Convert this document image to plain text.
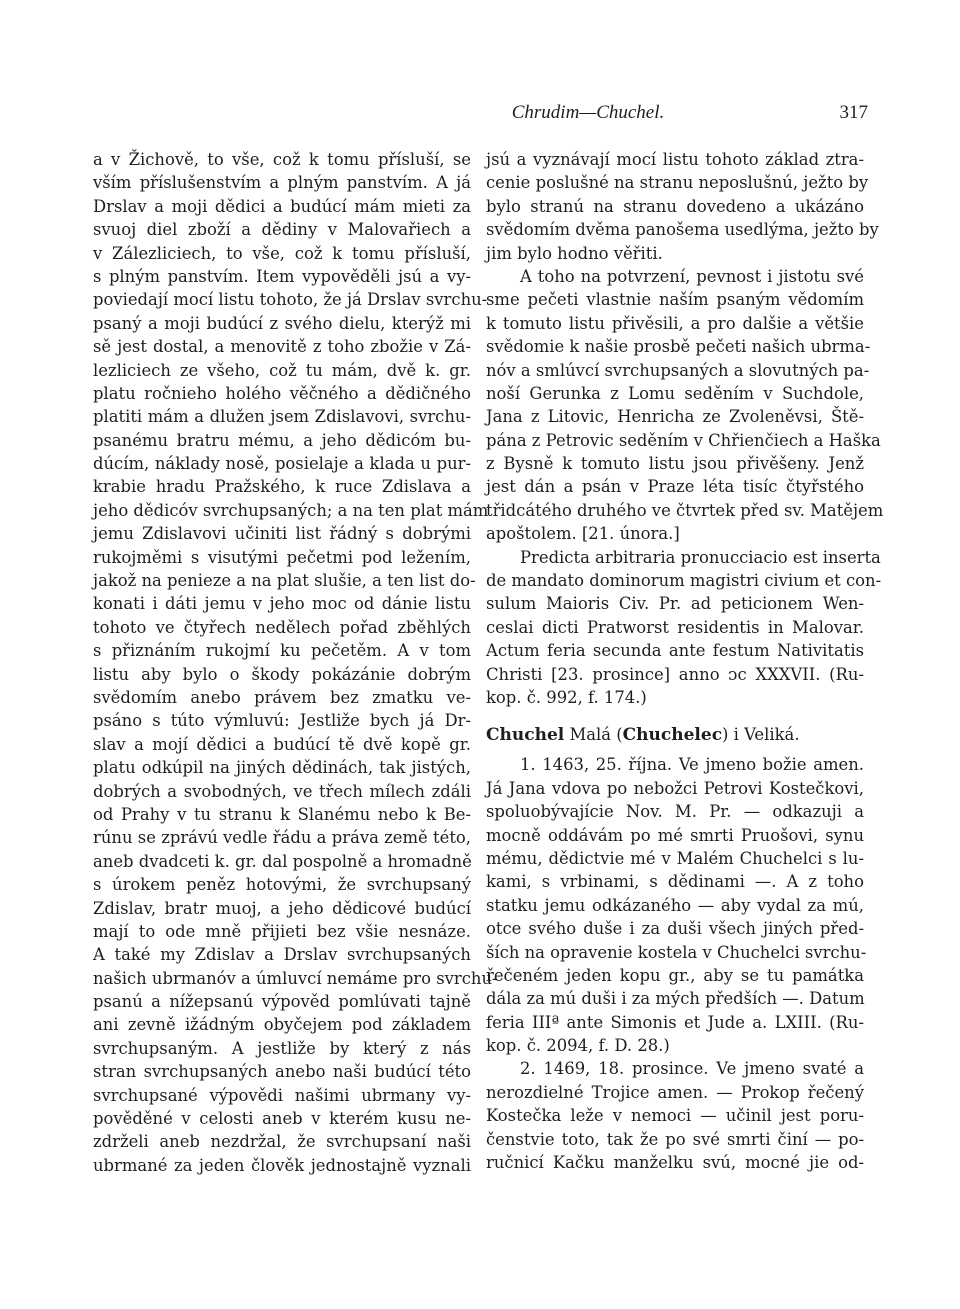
Chrudim—Chuchel.	317
a v Žichově, to vše, což k tomu přísluší, se
vším příslušenstvím a plným panstvím. A já
Drslav a moji dědici a budúcí mám mieti za
svuoj diel zboží a dědiny v Malovařiech a
v Zálezliciech, to vše, což k tomu přísluší,
s plným panstvím. Item vypověděli jsú a vy-
poviedají mocí listu tohoto, že já Drslav svrchu-
psaný a moji budúcí z svého dielu, kterýž mi
sě jest dostal, a menovitě z toho zbožie v Zá-
lezliciech ze všeho, což tu mám, dvě k. gr.
platu ročnieho holého věčného a dědičného
platiti mám a dlužen jsem Zdislavovi, svrchu-
psanému bratru mému, a jeho dědicóm bu-
dúcím, náklady nosě, posielaje a klada u pur-
krabie hradu Pražského, k ruce Zdislava a
jeho dědicóv svrchupsaných; a na ten plat mám
jemu Zdislavovi učiniti list řádný s dobrými
rukojměmi s visutými pečetmi pod ležením,
jakož na penieze a na plat slušie, a ten list do-
konati i dáti jemu v jeho moc od dánie listu
tohoto ve čtyřech nedělech pořad zběhlých
s přiznáním rukojmí ku pečetěm. A v tom
listu aby bylo o škody pokázánie dobrým
svědomím anebo právem bez zmatku ve-
psáno s túto výmluvú: Jestliže bych já Dr-
slav a mojí dědici a budúcí tě dvě kopě gr.
platu odkúpil na jiných dědinách, tak jistých,
dobrých a svobodných, ve třech mílech zdáli
od Prahy v tu stranu k Slanému nebo k Be-
rúnu se zprávú vedle řádu a práva země této,
aneb dvadceti k. gr. dal pospolně a hromadně
s úrokem peněz hotovými, že svrchupsaný
Zdislav, bratr muoj, a jeho dědicové budúcí
mají to ode mně přijieti bez všie nesnáze.
A také my Zdislav a Drslav svrchupsaných
našich ubrmanóv a úmluvcí nemáme pro svrchu-
psanú a nížepsanú výpověd pomlúvati tajně
ani zevně ižádným obyčejem pod základem
svrchupsaným. A jestližе by který z nás
stran svrchupsaných anebo naši budúcí této
svrchupsané výpovědi našimi ubrmany vy-
pověděné v celosti aneb v kterém kusu ne-
zdrželi aneb nezdržal, že svrchupsaní naši
ubrmané za jeden člověk jednostajně vyznali
jsú a vyznávají mocí listu tohoto základ ztra-
cenie poslušné na stranu neposlušnú, ježto by
bylo stranú na stranu dovedeno a ukázáno
svědomím dvěma panošema usedlýma, ježto by
jim bylo hodno věřiti.
A toho na potvrzení, pevnost i jistotu své
sme pečeti vlastnie naším psaným vědomím
k tomuto listu přivěsili, a pro dalšie a většie
svědomie k našie prosbě pečeti našich ubrma-
nóv a smlúvcí svrchupsaných a slovutných pa-
noší Gerunka z Lomu seděním v Suchdole,
Jana z Litovic, Henricha ze Zvoleněvsi, Ště-
pána z Petrovic seděním v Chřienčiech a Haška
z Bysně k tomuto listu jsou přivěšeny. Jenž
jest dán a psán v Praze léta tisíc čtyřstého
třidcátého druhého ve čtvrtek před sv. Matějem
apoštolem. [21. února.]
Predicta arbitraria pronucciacio est inserta
de mandato dominorum magistri civium et con-
sulum Maioris Civ. Pr. ad peticionem Wen-
ceslai dicti Pratworst residentis in Malovar.
Actum feria secunda ante festum Nativitatis
Christi [23. prosince] anno ᴐc XXXVII. (Ru-
kop. č. 992, f. 174.)
Chuchel Malá (Chuchelec) i Veliká.
1. 1463, 25. října. Ve jmeno božie amen.
Já Jana vdova po nebožci Petrovi Kostečkovi,
spoluobývajície Nov. M. Pr. — odkazuji a
mocně oddávám po mé smrti Pruošovi, synu
mému, dědictvie mé v Malém Chuchelci s lu-
kami, s vrbinami, s dědinami —. A z toho
statku jemu odkázaného — aby vydal za mú,
otce svého duše i za duši všech jiných před-
ších na opravenie kostela v Chuchelci svrchu-
řečeném jeden kopu gr., aby se tu památka
dála za mú duši i za mých předších —. Datum
feria IIIª ante Simonis et Jude a. LXIII. (Ru-
kop. č. 2094, f. D. 28.)
2. 1469, 18. prosince. Ve jmeno svaté a
nerozdielné Trojice amen. — Prokop řečený
Kostečka leže v nemoci — učinil jest poru-
čenstvie toto, tak že po své smrti činí — po-
ručnicí Kačku manželku svú, mocné jie od-
